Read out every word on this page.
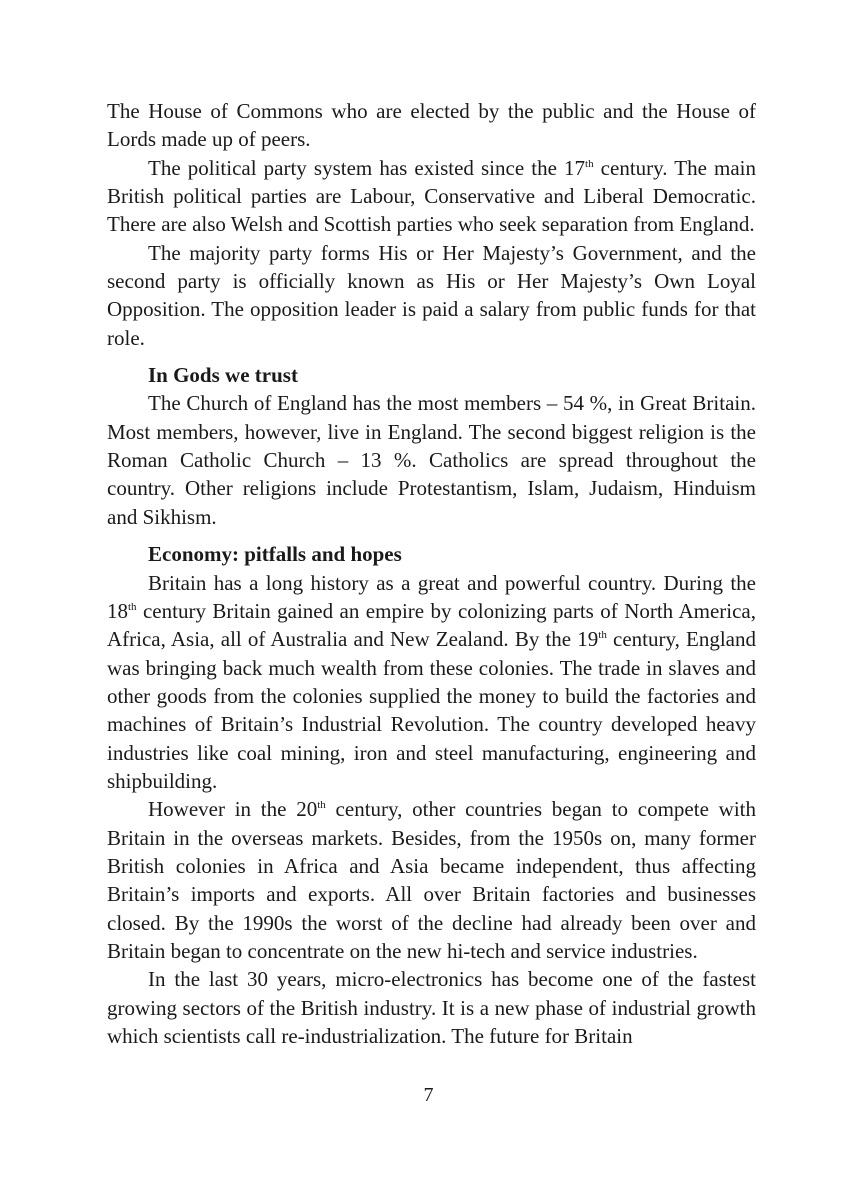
The House of Commons who are elected by the public and the House of Lords made up of peers.

The political party system has existed since the 17th century. The main British political parties are Labour, Conservative and Liberal Democratic. There are also Welsh and Scottish parties who seek separation from England.

The majority party forms His or Her Majesty’s Government, and the second party is officially known as His or Her Majesty’s Own Loyal Opposition. The opposition leader is paid a salary from public funds for that role.

In Gods we trust

The Church of England has the most members – 54 %, in Great Britain. Most members, however, live in England. The second biggest religion is the Roman Catholic Church – 13 %. Catholics are spread throughout the country. Other religions include Protestantism, Islam, Judaism, Hinduism and Sikhism.

Economy: pitfalls and hopes

Britain has a long history as a great and powerful country. During the 18th century Britain gained an empire by colonizing parts of North America, Africa, Asia, all of Australia and New Zealand. By the 19th century, England was bringing back much wealth from these colonies. The trade in slaves and other goods from the colonies supplied the money to build the factories and machines of Britain’s Industrial Revolution. The country developed heavy industries like coal mining, iron and steel manufacturing, engineering and shipbuilding.

However in the 20th century, other countries began to compete with Britain in the overseas markets. Besides, from the 1950s on, many former British colonies in Africa and Asia became independent, thus affecting Britain’s imports and exports. All over Britain factories and businesses closed. By the 1990s the worst of the decline had already been over and Britain began to concentrate on the new hi-tech and service industries.

In the last 30 years, micro-electronics has become one of the fastest growing sectors of the British industry. It is a new phase of industrial growth which scientists call re-industrialization. The future for Britain

7
